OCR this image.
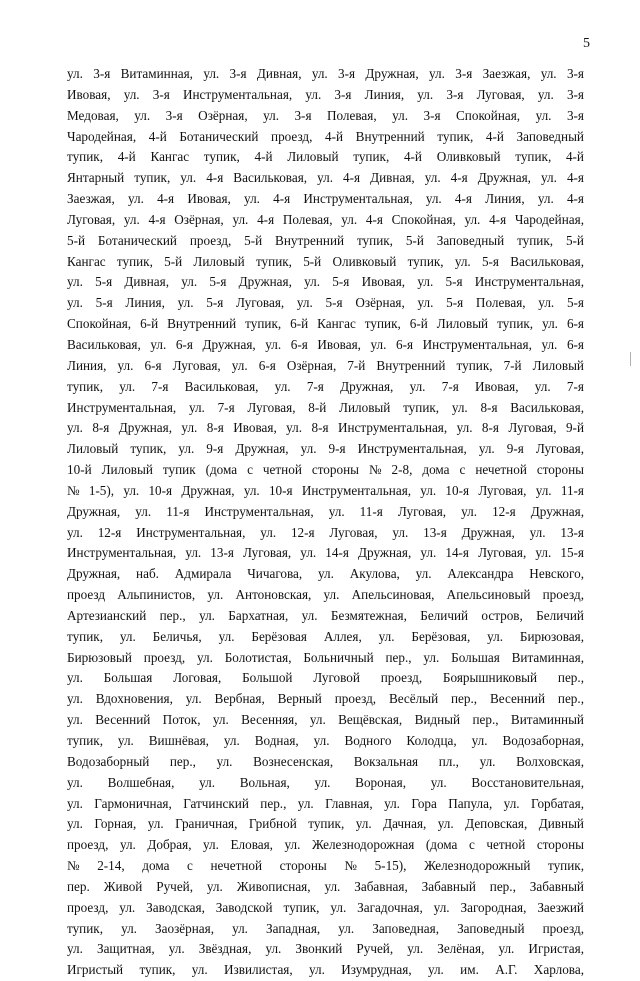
5
ул. 3-я Витаминная, ул. 3-я Дивная, ул. 3-я Дружная, ул. 3-я Заезжая, ул. 3-я
Ивовая, ул. 3-я Инструментальная, ул. 3-я Линия, ул. 3-я Луговая, ул. 3-я
Медовая, ул. 3-я Озёрная, ул. 3-я Полевая, ул. 3-я Спокойная, ул. 3-я
Чародейная, 4-й Ботанический проезд, 4-й Внутренний тупик, 4-й Заповедный
тупик, 4-й Кангас тупик, 4-й Лиловый тупик, 4-й Оливковый тупик, 4-й
Янтарный тупик, ул. 4-я Васильковая, ул. 4-я Дивная, ул. 4-я Дружная, ул. 4-я
Заезжая, ул. 4-я Ивовая, ул. 4-я Инструментальная, ул. 4-я Линия, ул. 4-я
Луговая, ул. 4-я Озёрная, ул. 4-я Полевая, ул. 4-я Спокойная, ул. 4-я Чародейная,
5-й Ботанический проезд, 5-й Внутренний тупик, 5-й Заповедный тупик, 5-й
Кангас тупик, 5-й Лиловый тупик, 5-й Оливковый тупик, ул. 5-я Васильковая,
ул. 5-я Дивная, ул. 5-я Дружная, ул. 5-я Ивовая, ул. 5-я Инструментальная,
ул. 5-я Линия, ул. 5-я Луговая, ул. 5-я Озёрная, ул. 5-я Полевая, ул. 5-я
Спокойная, 6-й Внутренний тупик, 6-й Кангас тупик, 6-й Лиловый тупик, ул. 6-я
Васильковая, ул. 6-я Дружная, ул. 6-я Ивовая, ул. 6-я Инструментальная, ул. 6-я
Линия, ул. 6-я Луговая, ул. 6-я Озёрная, 7-й Внутренний тупик, 7-й Лиловый
тупик, ул. 7-я Васильковая, ул. 7-я Дружная, ул. 7-я Ивовая, ул. 7-я
Инструментальная, ул. 7-я Луговая, 8-й Лиловый тупик, ул. 8-я Васильковая,
ул. 8-я Дружная, ул. 8-я Ивовая, ул. 8-я Инструментальная, ул. 8-я Луговая, 9-й
Лиловый тупик, ул. 9-я Дружная, ул. 9-я Инструментальная, ул. 9-я Луговая,
10-й Лиловый тупик (дома с четной стороны № 2-8, дома с нечетной стороны
№ 1-5), ул. 10-я Дружная, ул. 10-я Инструментальная, ул. 10-я Луговая, ул. 11-я
Дружная, ул. 11-я Инструментальная, ул. 11-я Луговая, ул. 12-я Дружная,
ул. 12-я Инструментальная, ул. 12-я Луговая, ул. 13-я Дружная, ул. 13-я
Инструментальная, ул. 13-я Луговая, ул. 14-я Дружная, ул. 14-я Луговая, ул. 15-я
Дружная, наб. Адмирала Чичагова, ул. Акулова, ул. Александра Невского,
проезд Альпинистов, ул. Антоновская, ул. Апельсиновая, Апельсиновый проезд,
Артезианский пер., ул. Бархатная, ул. Безмятежная, Беличий остров, Беличий
тупик, ул. Беличья, ул. Берёзовая Аллея, ул. Берёзовая, ул. Бирюзовая,
Бирюзовый проезд, ул. Болотистая, Больничный пер., ул. Большая Витаминная,
ул. Большая Логовая, Большой Луговой проезд, Боярышниковый пер.,
ул. Вдохновения, ул. Вербная, Верный проезд, Весёлый пер., Весенний пер.,
ул. Весенний Поток, ул. Весенняя, ул. Вещёвская, Видный пер., Витаминный
тупик, ул. Вишнёвая, ул. Водная, ул. Водного Колодца, ул. Водозаборная,
Водозаборный пер., ул. Вознесенская, Вокзальная пл., ул. Волховская,
ул. Волшебная, ул. Вольная, ул. Вороная, ул. Восстановительная,
ул. Гармоничная, Гатчинский пер., ул. Главная, ул. Гора Папула, ул. Горбатая,
ул. Горная, ул. Граничная, Грибной тупик, ул. Дачная, ул. Деповская, Дивный
проезд, ул. Добрая, ул. Еловая, ул. Железнодорожная (дома с четной стороны
№ 2-14, дома с нечетной стороны № 5-15), Железнодорожный тупик,
пер. Живой Ручей, ул. Живописная, ул. Забавная, Забавный пер., Забавный
проезд, ул. Заводская, Заводской тупик, ул. Загадочная, ул. Загородная, Заезжий
тупик, ул. Заозёрная, ул. Западная, ул. Заповедная, Заповедный проезд,
ул. Защитная, ул. Звёздная, ул. Звонкий Ручей, ул. Зелёная, ул. Игристая,
Игристый тупик, ул. Извилистая, ул. Изумрудная, ул. им. А.Г. Харлова,
